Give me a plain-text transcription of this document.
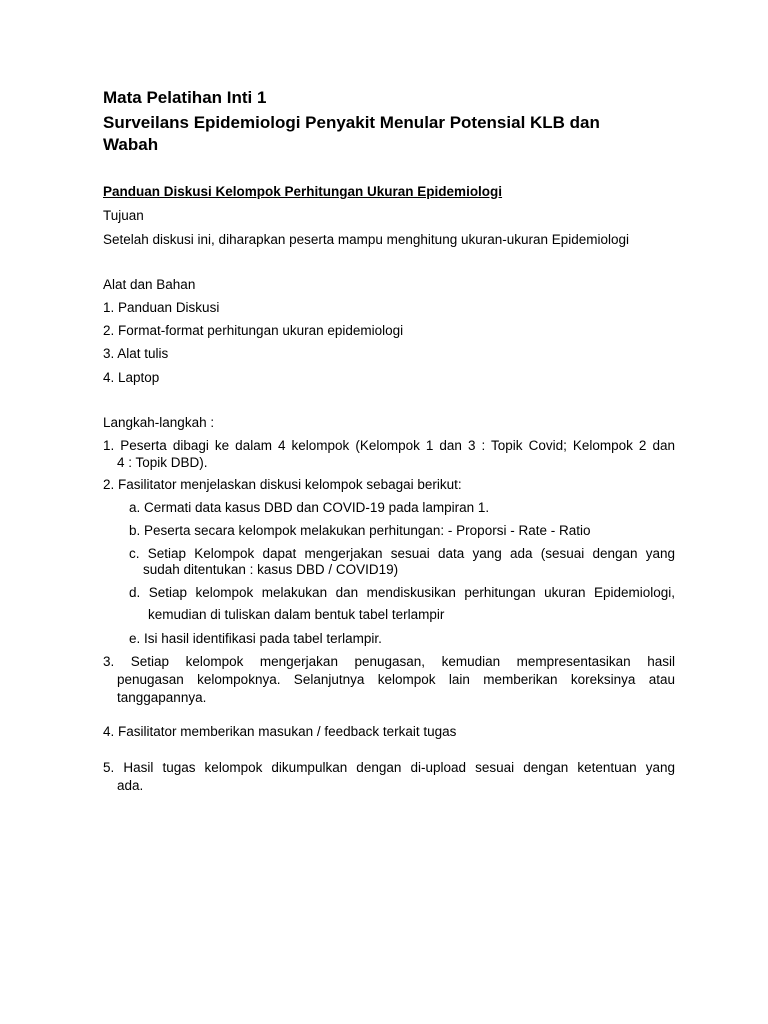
Mata Pelatihan Inti 1
Surveilans Epidemiologi Penyakit Menular Potensial KLB dan
Wabah
Panduan Diskusi Kelompok Perhitungan Ukuran Epidemiologi
Tujuan
Setelah diskusi ini, diharapkan peserta mampu menghitung ukuran-ukuran Epidemiologi
Alat dan Bahan
1. Panduan Diskusi
2. Format-format perhitungan ukuran epidemiologi
3. Alat tulis
4. Laptop
Langkah-langkah :
1. Peserta dibagi ke dalam 4 kelompok (Kelompok 1 dan 3 : Topik Covid; Kelompok 2 dan
4 : Topik DBD).
2. Fasilitator menjelaskan diskusi kelompok sebagai berikut:
a. Cermati data kasus DBD dan COVID-19 pada lampiran 1.
b. Peserta secara kelompok melakukan perhitungan: - Proporsi - Rate - Ratio
c. Setiap Kelompok dapat mengerjakan sesuai data yang ada (sesuai dengan yang
sudah ditentukan : kasus DBD / COVID19)
d. Setiap kelompok melakukan dan mendiskusikan perhitungan ukuran Epidemiologi,
kemudian di tuliskan dalam bentuk tabel terlampir
e. Isi hasil identifikasi pada tabel terlampir.
3. Setiap kelompok mengerjakan penugasan, kemudian mempresentasikan hasil
penugasan kelompoknya. Selanjutnya kelompok lain memberikan koreksinya atau
tanggapannya.
4. Fasilitator memberikan masukan / feedback terkait tugas
5. Hasil tugas kelompok dikumpulkan dengan di-upload sesuai dengan ketentuan yang
ada.
